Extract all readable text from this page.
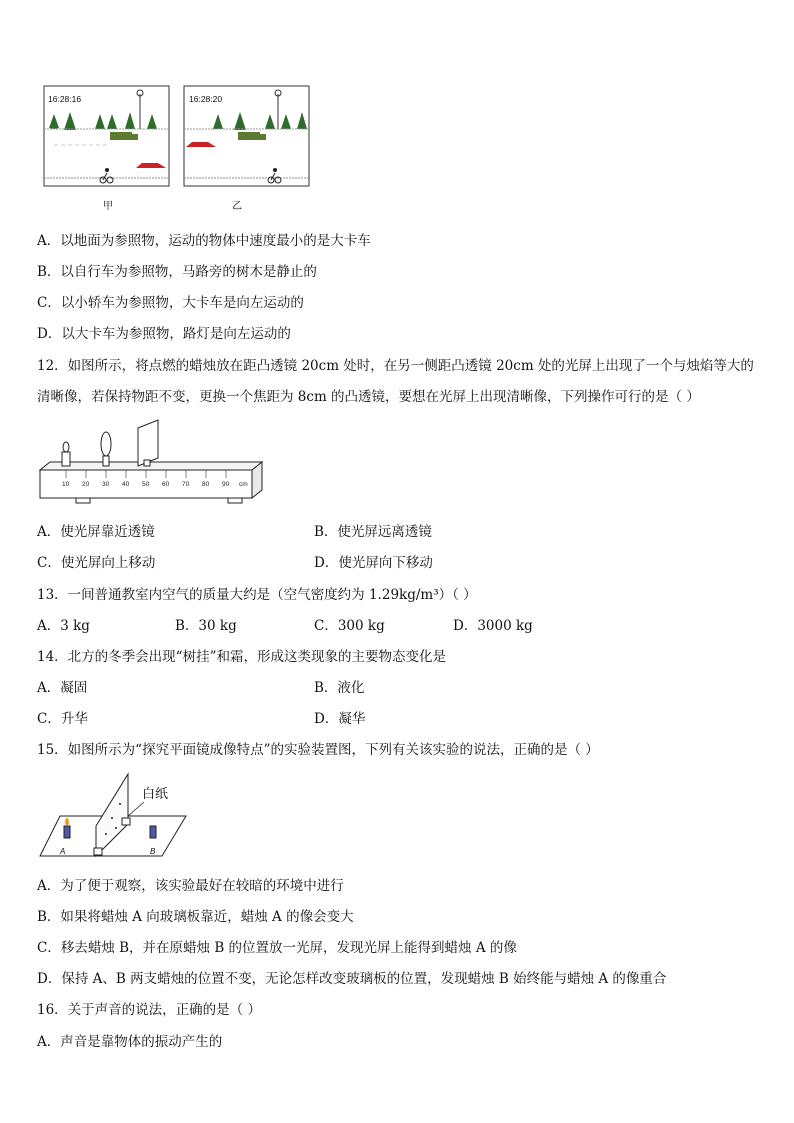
16:28:16
甲
16:28:20
乙
A．以地面为参照物，运动的物体中速度最小的是大卡车
B．以自行车为参照物，马路旁的树木是静止的
C．以小轿车为参照物，大卡车是向左运动的
D．以大卡车为参照物，路灯是向左运动的
12．如图所示，将点燃的蜡烛放在距凸透镜 20cm 处时，在另一侧距凸透镜 20cm 处的光屏上出现了一个与烛焰等大的
清晰像，若保持物距不变，更换一个焦距为 8cm 的凸透镜，要想在光屏上出现清晰像，下列操作可行的是（ ）
10 20 30 40 50 60 70 80 90 cm
A．使光屏靠近透镜	B．使光屏远离透镜
C．使光屏向上移动	D．使光屏向下移动
13．一间普通教室内空气的质量大约是（空气密度约为 1.29kg/m³）（ ）
A．3 kg	B．30 kg	C．300 kg	D．3000 kg
14．北方的冬季会出现“树挂”和霜，形成这类现象的主要物态变化是
A．凝固	B．液化
C．升华	D．凝华
15．如图所示为“探究平面镜成像特点”的实验装置图，下列有关该实验的说法，正确的是（ ）
白纸
A	B
A．为了便于观察，该实验最好在较暗的环境中进行
B．如果将蜡烛 A 向玻璃板靠近，蜡烛 A 的像会变大
C．移去蜡烛 B，并在原蜡烛 B 的位置放一光屏，发现光屏上能得到蜡烛 A 的像
D．保持 A、B 两支蜡烛的位置不变，无论怎样改变玻璃板的位置，发现蜡烛 B 始终能与蜡烛 A 的像重合
16．关于声音的说法，正确的是（ ）
A．声音是靠物体的振动产生的
